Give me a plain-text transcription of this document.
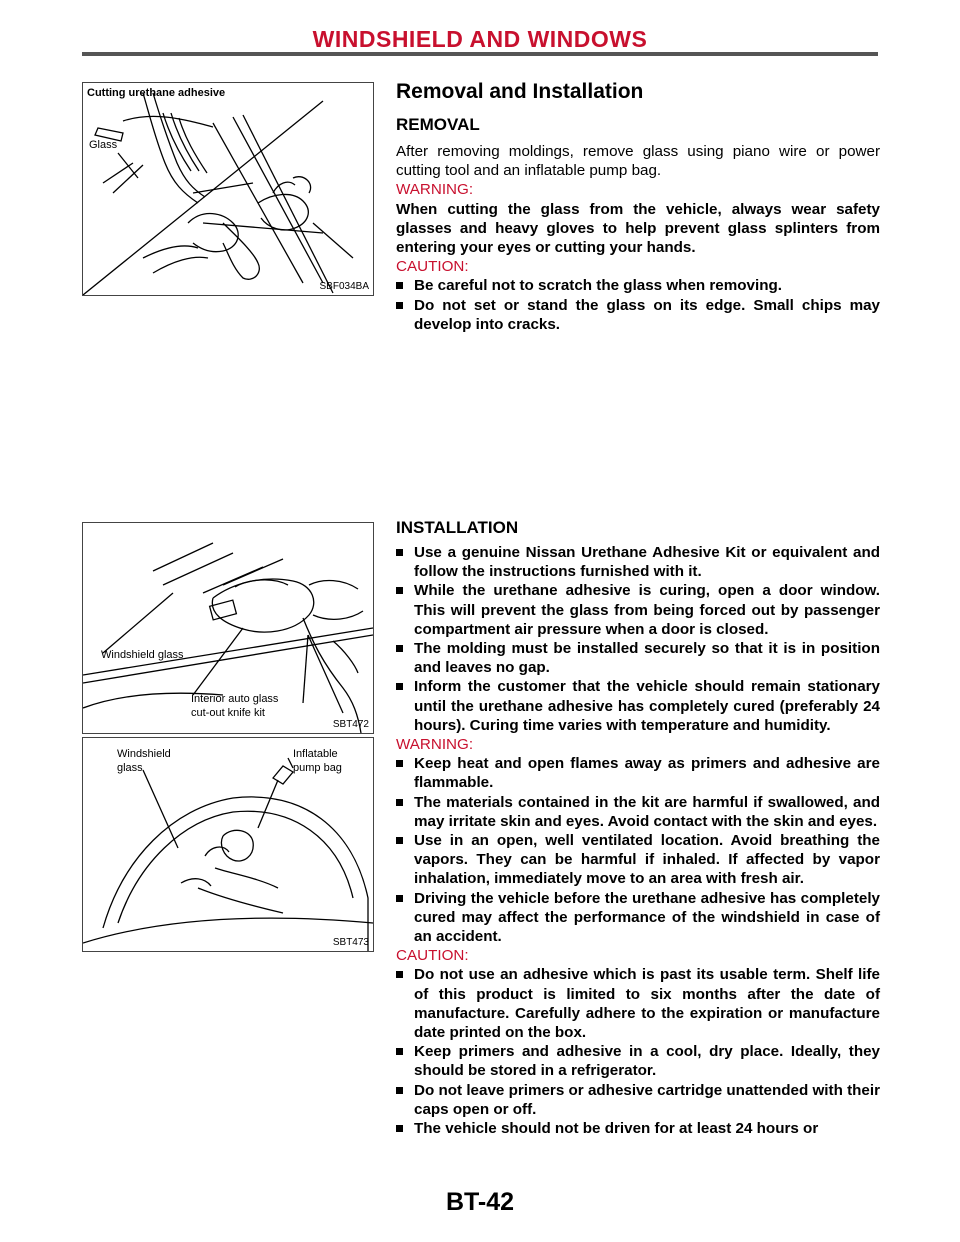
WINDSHIELD AND WINDOWS
Cutting urethane adhesive
Glass
SBF034BA
Windshield glass
Interior auto glass
cut-out knife kit
SBT472
Windshield
glass
Inflatable
pump bag
SBT473
Removal and Installation
REMOVAL

After removing moldings, remove glass using piano wire or power cutting tool and an inflatable pump bag.

WARNING:

When cutting the glass from the vehicle, always wear safety glasses and heavy gloves to help prevent glass splinters from entering your eyes or cutting your hands.

CAUTION:

Be careful not to scratch the glass when removing.
Do not set or stand the glass on its edge. Small chips may develop into cracks.
INSTALLATION
Use a genuine Nissan Urethane Adhesive Kit or equivalent and follow the instructions furnished with it.
While the urethane adhesive is curing, open a door window. This will prevent the glass from being forced out by passenger compartment air pressure when a door is closed.
The molding must be installed securely so that it is in position and leaves no gap.
Inform the customer that the vehicle should remain stationary until the urethane adhesive has completely cured (preferably 24 hours). Curing time varies with temperature and humidity.

WARNING:

Keep heat and open flames away as primers and adhesive are flammable.
The materials contained in the kit are harmful if swallowed, and may irritate skin and eyes. Avoid contact with the skin and eyes.
Use in an open, well ventilated location. Avoid breathing the vapors. They can be harmful if inhaled. If affected by vapor inhalation, immediately move to an area with fresh air.
Driving the vehicle before the urethane adhesive has completely cured may affect the performance of the windshield in case of an accident.

CAUTION:

Do not use an adhesive which is past its usable term. Shelf life of this product is limited to six months after the date of manufacture. Carefully adhere to the expiration or manufacture date printed on the box.
Keep primers and adhesive in a cool, dry place. Ideally, they should be stored in a refrigerator.
Do not leave primers or adhesive cartridge unattended with their caps open or off.
The vehicle should not be driven for at least 24 hours or
BT-42
